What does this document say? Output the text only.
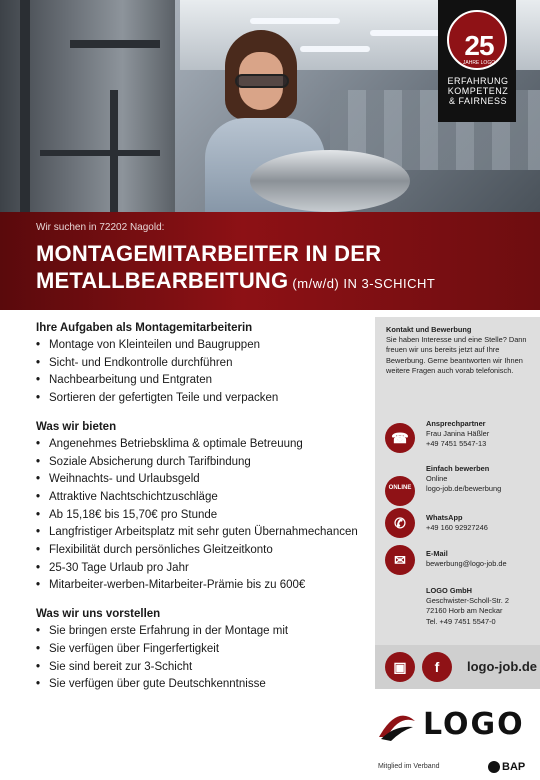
25
JAHRE LOGO
ERFAHRUNG
KOMPETENZ
& FAIRNESS
Wir suchen in 72202 Nagold:
MONTAGEMITARBEITER IN DER
METALLBEARBEITUNG (m/w/d) IN 3-SCHICHT
Ihre Aufgaben als Montagemitarbeiterin
• Montage von Kleinteilen und Baugruppen
• Sicht- und Endkontrolle durchführen
• Nachbearbeitung und Entgraten
• Sortieren der gefertigten Teile und verpacken
Was wir bieten
• Angenehmes Betriebsklima & optimale Betreuung
• Soziale Absicherung durch Tarifbindung
• Weihnachts- und Urlaubsgeld
• Attraktive Nachtschichtzuschläge
• Ab 15,18€ bis 15,70€ pro Stunde
• Langfristiger Arbeitsplatz mit sehr guten Übernahmechancen
• Flexibilität durch persönliches Gleitzeitkonto
• 25-30 Tage Urlaub pro Jahr
• Mitarbeiter-werben-Mitarbeiter-Prämie bis zu 600€
Was wir uns vorstellen
• Sie bringen erste Erfahrung in der Montage mit
• Sie verfügen über Fingerfertigkeit
• Sie sind bereit zur 3-Schicht
• Sie verfügen über gute Deutschkenntnisse
Kontakt und Bewerbung
Sie haben Interesse und eine Stelle? Dann freuen wir uns bereits jetzt auf Ihre Bewerbung. Gerne beantworten wir Ihnen weitere Fragen auch vorab telefonisch.
☎
Ansprechpartner
Frau Janina Häßler
+49 7451 5547-13
ONLINE
Einfach bewerben
Online
logo-job.de/bewerbung
✆	WhatsApp
+49 160 92927246
✉	E-Mail
bewerbung@logo-job.de
LOGO GmbH
Geschwister-Scholl-Str. 2
72160 Horb am Neckar
Tel. +49 7451 5547-0
▣	f	logo-job.de
LOGO
Mitglied im Verband	BAP
